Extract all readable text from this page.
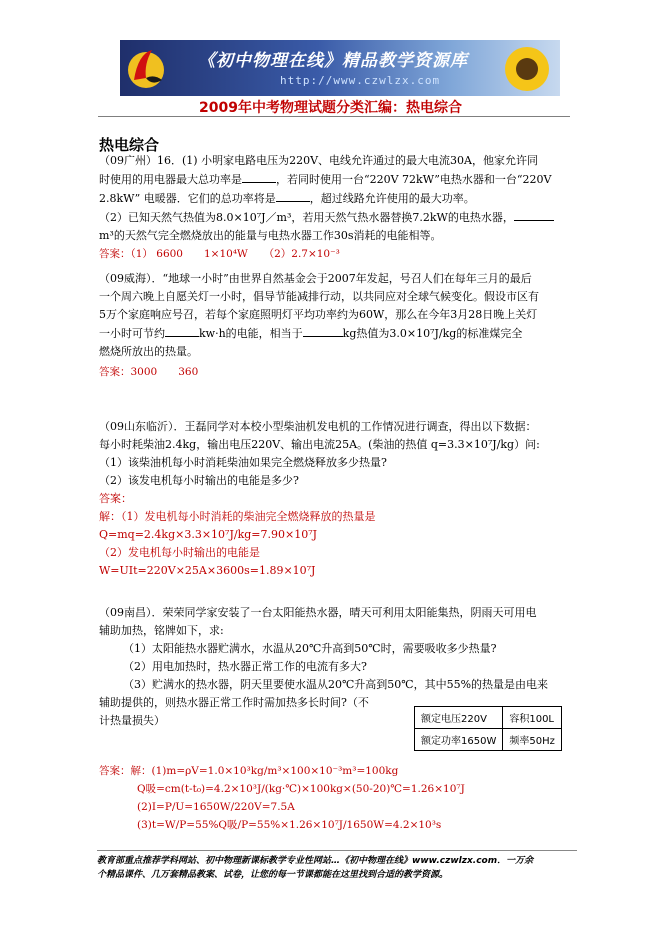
《初中物理在线》精品教学资源库
http://www.czwlzx.com
2009年中考物理试题分类汇编：热电综合
热电综合
（09广州）16．(1) 小明家电路电压为220V、电线允许通过的最大电流30A，他家允许同
时使用的用电器最大总功率是	，若同时使用一台“220V 72kW”电热水器和一台“220V
2.8kW” 电暖器．它们的总功率将是	，超过线路允许使用的最大功率。
（2）已知天然气热值为8.0×10⁷J／m³，若用天然气热水器替换7.2kW的电热水器，
m³的天然气完全燃烧放出的能量与电热水器工作30s消耗的电能相等。
答案：（1） 6600　　1×10⁴W　　（2）2.7×10⁻³
（09威海）．“地球一小时”由世界自然基金会于2007年发起，号召人们在每年三月的最后
一个周六晚上自愿关灯一小时，倡导节能减排行动，以共同应对全球气候变化。假设市区有
5万个家庭响应号召，若每个家庭照明灯平均功率约为60W，那么在今年3月28日晚上关灯
一小时可节约	kw·h的电能，相当于	kg热值为3.0×10⁷J/kg的标准煤完全
燃烧所放出的热量。
答案：3000　　360
（09山东临沂）．王磊同学对本校小型柴油机发电机的工作情况进行调查，得出以下数据：
每小时耗柴油2.4kg，输出电压220V、输出电流25A。(柴油的热值 q=3.3×10⁷J/kg）问:
（1）该柴油机每小时消耗柴油如果完全燃烧释放多少热量?
（2）该发电机每小时输出的电能是多少?
答案：
解：（1）发电机每小时消耗的柴油完全燃烧释放的热量是
Q=mq=2.4kg×3.3×10⁷J/kg=7.90×10⁷J
（2）发电机每小时输出的电能是
W=UIt=220V×25A×3600s=1.89×10⁷J
（09南昌）．荣荣同学家安装了一台太阳能热水器，晴天可利用太阳能集热，阴雨天可用电
辅助加热，铭牌如下，求:
（1）太阳能热水器贮满水，水温从20℃升高到50℃时，需要吸收多少热量?
（2）用电加热时，热水器正常工作的电流有多大?
（3）贮满水的热水器，阴天里要使水温从20℃升高到50℃，其中55%的热量是由电来
辅助提供的，则热水器正常工作时需加热多长时间?（不
计热量损失）	额定电压220V	容积100L
额定功率1650W	频率50Hz
答案：解：(1)m=ρV=1.0×10³kg/m³×100×10⁻³m³=100kg
Q吸=cm(t-t₀)=4.2×10³J/(kg·℃)×100kg×(50-20)℃=1.26×10⁷J
(2)I=P/U=1650W/220V=7.5A
(3)t=W/P=55%Q吸/P=55%×1.26×10⁷J/1650W=4.2×10³s
教育部重点推荐学科网站、初中物理新课标教学专业性网站…《初中物理在线》www.czwlzx.com．一万余
个精品课件、几万套精品教案、试卷，让您的每一节课都能在这里找到合适的教学资源。
